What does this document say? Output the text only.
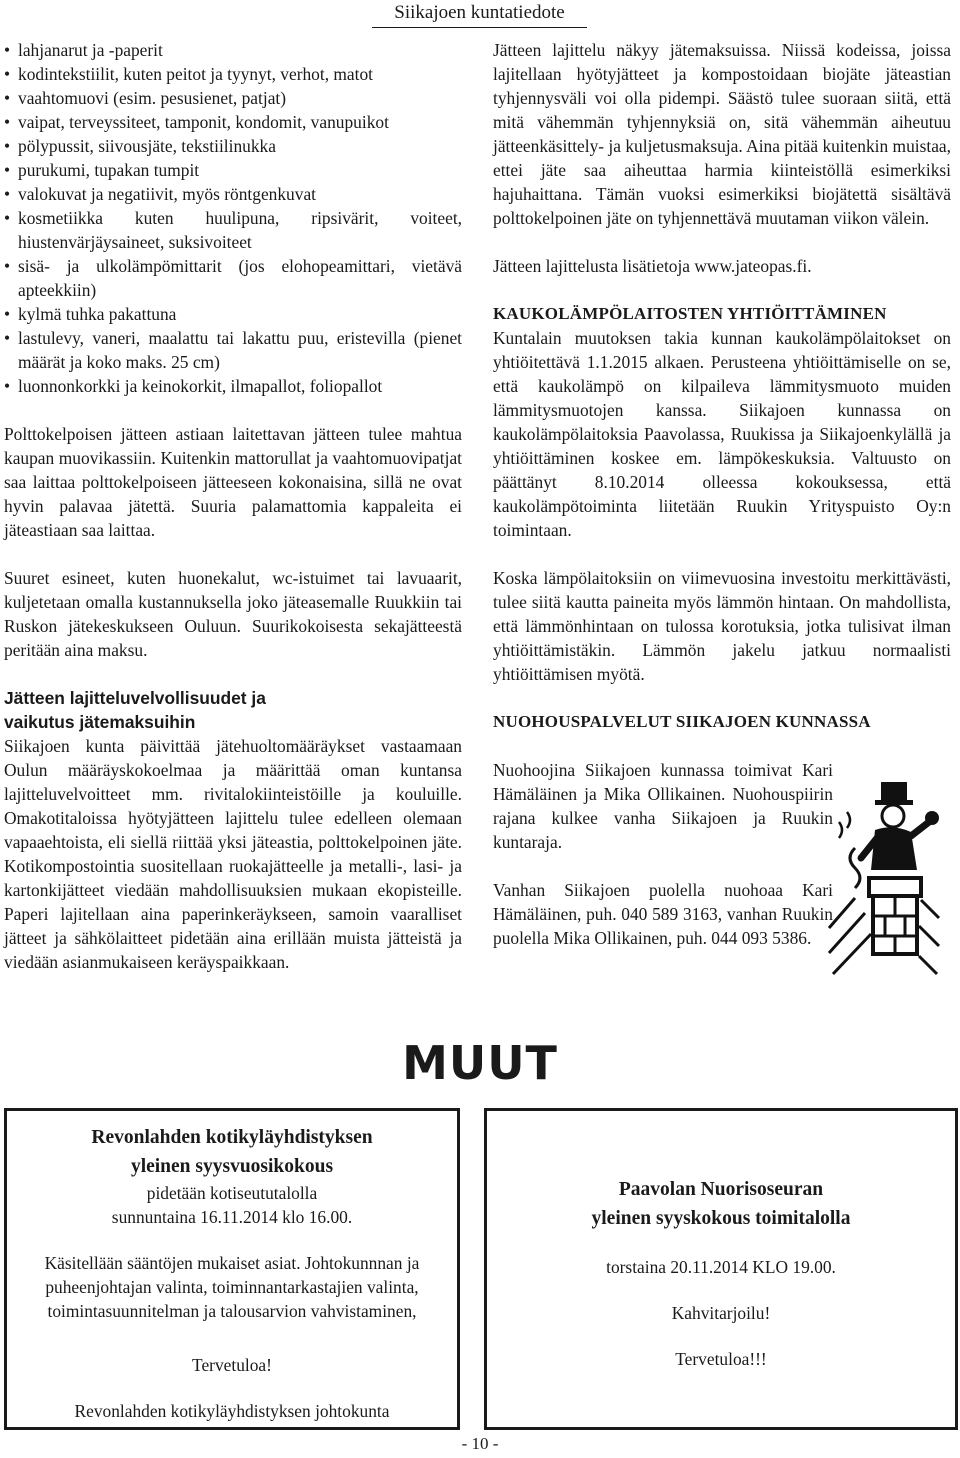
Siikajoen kuntatiedote
• lahjanarut ja -paperit
• kodintekstiilit, kuten peitot ja tyynyt, verhot, matot
• vaahtomuovi (esim. pesusienet, patjat)
• vaipat, terveyssiteet, tamponit, kondomit, vanupuikot
• pölypussit, siivousjäte, tekstiilinukka
• purukumi, tupakan tumpit
• valokuvat ja negatiivit, myös röntgenkuvat
• kosmetiikka kuten huulipuna, ripsivärit, voiteet, hiustenvärjäysaineet, suksivoiteet
• sisä- ja ulkolämpömittarit (jos elohopeamittari, vietävä apteekkiin)
• kylmä tuhka pakattuna
• lastulevy, vaneri, maalattu tai lakattu puu, eristevilla (pienet määrät ja koko maks. 25 cm)
• luonnonkorkki ja keinokorkit, ilmapallot, foliopallot

Polttokelpoisen jätteen astiaan laitettavan jätteen tulee mahtua kaupan muovikassiin. Kuitenkin mattorullat ja vaahtomuovipatjat saa laittaa polttokelpoiseen jätteeseen kokonaisina, sillä ne ovat hyvin palavaa jätettä. Suuria palamattomia kappaleita ei jäteastiaan saa laittaa.

Suuret esineet, kuten huonekalut, wc-istuimet tai lavuaarit, kuljetetaan omalla kustannuksella joko jäteasemalle Ruukkiin tai Ruskon jätekeskukseen Ouluun. Suurikokoisesta sekajätteestä peritään aina maksu.

Jätteen lajitteluvelvollisuudet ja
vaikutus jätemaksuihin

Siikajoen kunta päivittää jätehuoltomääräykset vastaamaan Oulun määräyskokoelmaa ja määrittää oman kuntansa lajitteluvelvoitteet mm. rivitalokiinteistöille ja kouluille. Omakotitaloissa hyötyjätteen lajittelu tulee edelleen olemaan vapaaehtoista, eli siellä riittää yksi jäteastia, polttokelpoinen jäte. Kotikompostointia suositellaan ruokajätteelle ja metalli-, lasi- ja kartonkijätteet viedään mahdollisuuksien mukaan ekopisteille. Paperi lajitellaan aina paperinkeräykseen, samoin vaaralliset jätteet ja sähkölaitteet pidetään aina erillään muista jätteistä ja viedään asianmukaiseen keräyspaikkaan.

Jätteen lajittelu näkyy jätemaksuissa. Niissä kodeissa, joissa lajitellaan hyötyjätteet ja kompostoidaan biojäte jäteastian tyhjennysväli voi olla pidempi. Säästö tulee suoraan siitä, että mitä vähemmän tyhjennyksiä on, sitä vähemmän aiheutuu jätteenkäsittely- ja kuljetusmaksuja. Aina pitää kuitenkin muistaa, ettei jäte saa aiheuttaa harmia kiinteistöllä esimerkiksi hajuhaittana. Tämän vuoksi esimerkiksi biojätettä sisältävä polttokelpoinen jäte on tyhjennettävä muutaman viikon välein.

Jätteen lajittelusta lisätietoja www.jateopas.fi.

KAUKOLÄMPÖLAITOSTEN YHTIÖITTÄMINEN

Kuntalain muutoksen takia kunnan kaukolämpölaitokset on yhtiöitettävä 1.1.2015 alkaen. Perusteena yhtiöittämiselle on se, että kaukolämpö on kilpaileva lämmitysmuoto muiden lämmitysmuotojen kanssa. Siikajoen kunnassa on kaukolämpölaitoksia Paavolassa, Ruukissa ja Siikajoenkylällä ja yhtiöittäminen koskee em. lämpökeskuksia. Valtuusto on päättänyt 8.10.2014 olleessa kokouksessa, että kaukolämpötoiminta liitetään Ruukin Yrityspuisto Oy:n toimintaan.

Koska lämpölaitoksiin on viimevuosina investoitu merkittävästi, tulee siitä kautta paineita myös lämmön hintaan. On mahdollista, että lämmönhintaan on tulossa korotuksia, jotka tulisivat ilman yhtiöittämistäkin. Lämmön jakelu jatkuu normaalisti yhtiöittämisen myötä.

NUOHOUSPALVELUT SIIKAJOEN KUNNASSA

Nuohoojina Siikajoen kunnassa toimivat Kari Hämäläinen ja Mika Ollikainen. Nuohouspiirin rajana kulkee vanha Siikajoen ja Ruukin kuntaraja.

Vanhan Siikajoen puolella nuohoaa Kari Hämäläinen, puh. 040 589 3163, vanhan Ruukin puolella Mika Ollikainen, puh. 044 093 5386.

MUUT
Revonlahden kotikyläyhdistyksen
yleinen syysvuosikokous
pidetään kotiseututalolla
sunnuntaina 16.11.2014 klo 16.00.
Käsitellään sääntöjen mukaiset asiat. Johtokunnnan ja puheenjohtajan valinta, toiminnantarkastajien valinta, toimintasuunnitelman ja talousarvion vahvistaminen,
Tervetuloa!
Revonlahden kotikyläyhdistyksen johtokunta
Paavolan Nuorisoseuran
yleinen syyskokous toimitalolla
torstaina 20.11.2014 KLO 19.00.
Kahvitarjoilu!
Tervetuloa!!!
- 10 -
